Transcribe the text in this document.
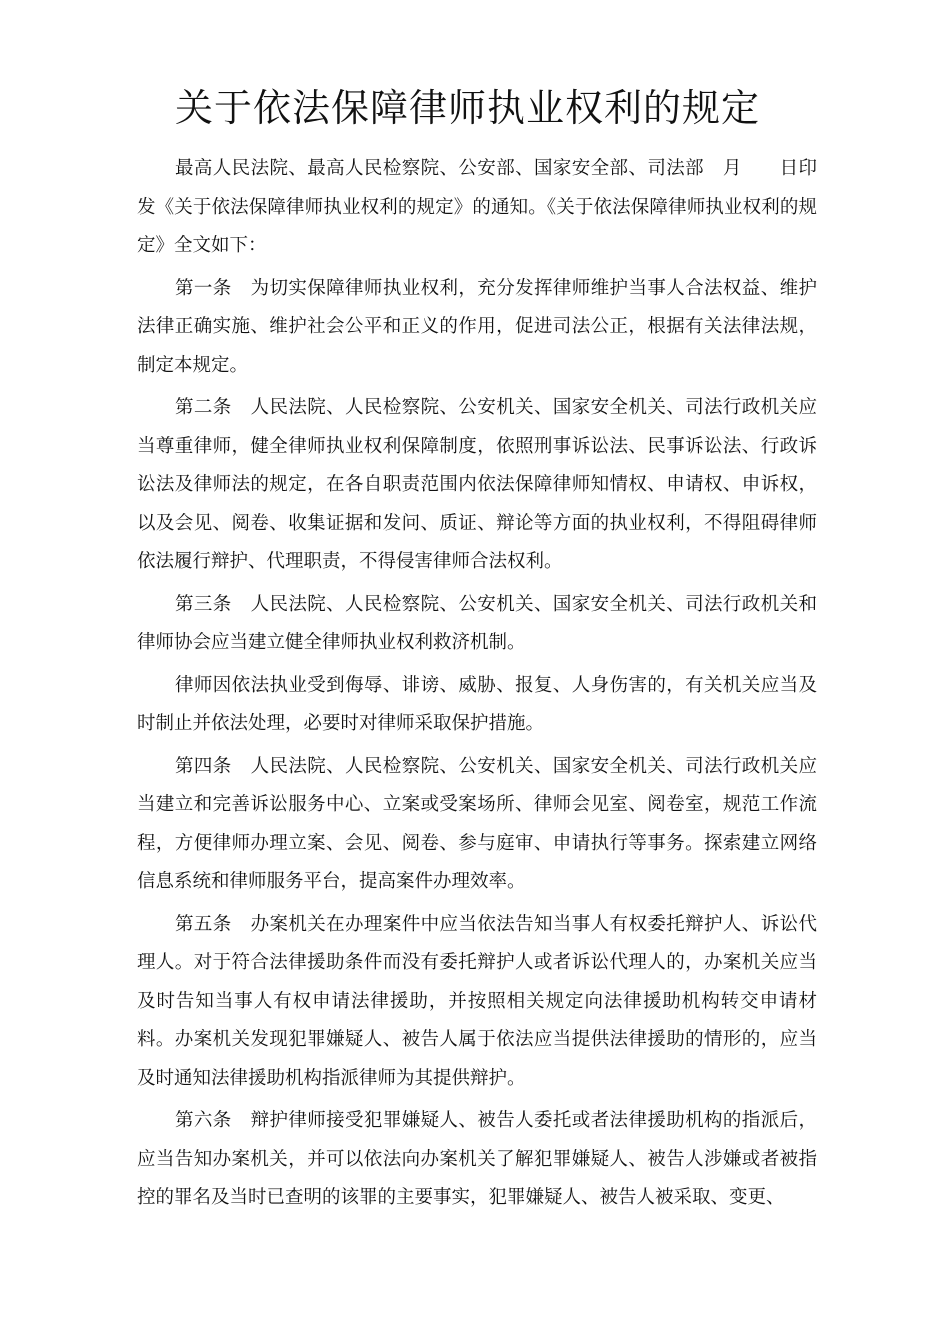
关于依法保障律师执业权利的规定

最高人民法院、最高人民检察院、公安部、国家安全部、司法部　月　　日印发《关于依法保障律师执业权利的规定》的通知。《关于依法保障律师执业权利的规定》全文如下：

第一条　为切实保障律师执业权利，充分发挥律师维护当事人合法权益、维护法律正确实施、维护社会公平和正义的作用，促进司法公正，根据有关法律法规，制定本规定。

第二条　人民法院、人民检察院、公安机关、国家安全机关、司法行政机关应当尊重律师，健全律师执业权利保障制度，依照刑事诉讼法、民事诉讼法、行政诉讼法及律师法的规定，在各自职责范围内依法保障律师知情权、申请权、申诉权，以及会见、阅卷、收集证据和发问、质证、辩论等方面的执业权利，不得阻碍律师依法履行辩护、代理职责，不得侵害律师合法权利。

第三条　人民法院、人民检察院、公安机关、国家安全机关、司法行政机关和律师协会应当建立健全律师执业权利救济机制。

律师因依法执业受到侮辱、诽谤、威胁、报复、人身伤害的，有关机关应当及时制止并依法处理，必要时对律师采取保护措施。

第四条　人民法院、人民检察院、公安机关、国家安全机关、司法行政机关应当建立和完善诉讼服务中心、立案或受案场所、律师会见室、阅卷室，规范工作流程，方便律师办理立案、会见、阅卷、参与庭审、申请执行等事务。探索建立网络信息系统和律师服务平台，提高案件办理效率。

第五条　办案机关在办理案件中应当依法告知当事人有权委托辩护人、诉讼代理人。对于符合法律援助条件而没有委托辩护人或者诉讼代理人的，办案机关应当及时告知当事人有权申请法律援助，并按照相关规定向法律援助机构转交申请材料。办案机关发现犯罪嫌疑人、被告人属于依法应当提供法律援助的情形的，应当及时通知法律援助机构指派律师为其提供辩护。

第六条　辩护律师接受犯罪嫌疑人、被告人委托或者法律援助机构的指派后，应当告知办案机关，并可以依法向办案机关了解犯罪嫌疑人、被告人涉嫌或者被指控的罪名及当时已查明的该罪的主要事实，犯罪嫌疑人、被告人被采取、变更、
